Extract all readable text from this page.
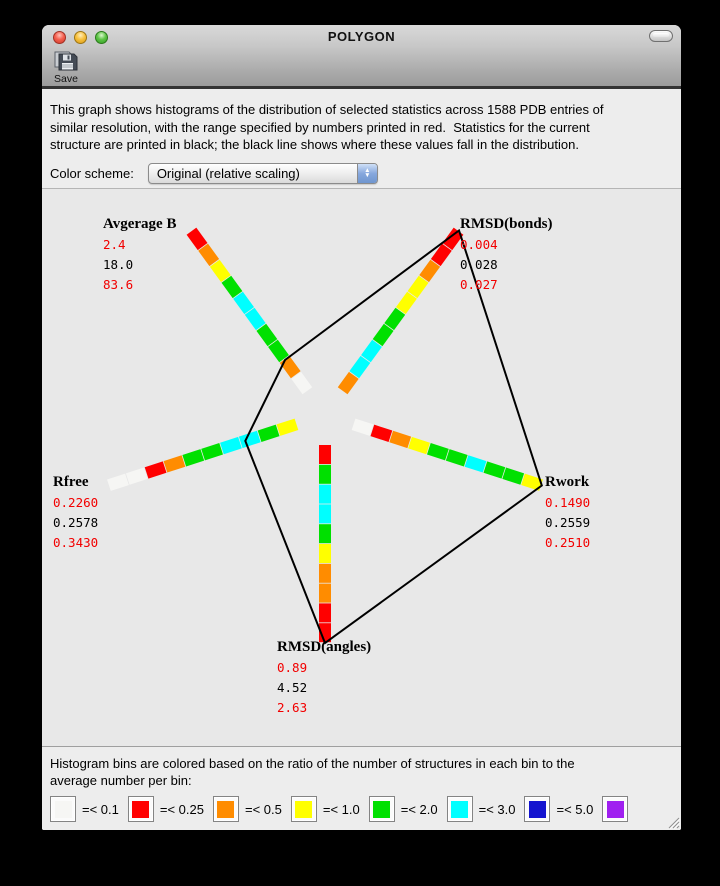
POLYGON
Save
This graph shows histograms of the distribution of selected statistics across 1588 PDB entries of
similar resolution, with the range specified by numbers printed in red.  Statistics for the current
structure are printed in black; the black line shows where these values fall in the distribution.
Color scheme:	Original (relative scaling)	▲
▼
Avgerage B
2.4
18.0
83.6
RMSD(bonds)
0.004
0.028
0.027
Rwork
0.1490
0.2559
0.2510
RMSD(angles)
0.89
4.52
2.63
Rfree
0.2260
0.2578
0.3430
Histogram bins are colored based on the ratio of the number of structures in each bin to the
average number per bin:
=< 0.1	=< 0.25	=< 0.5	=< 1.0	=< 2.0	=< 3.0	=< 5.0
